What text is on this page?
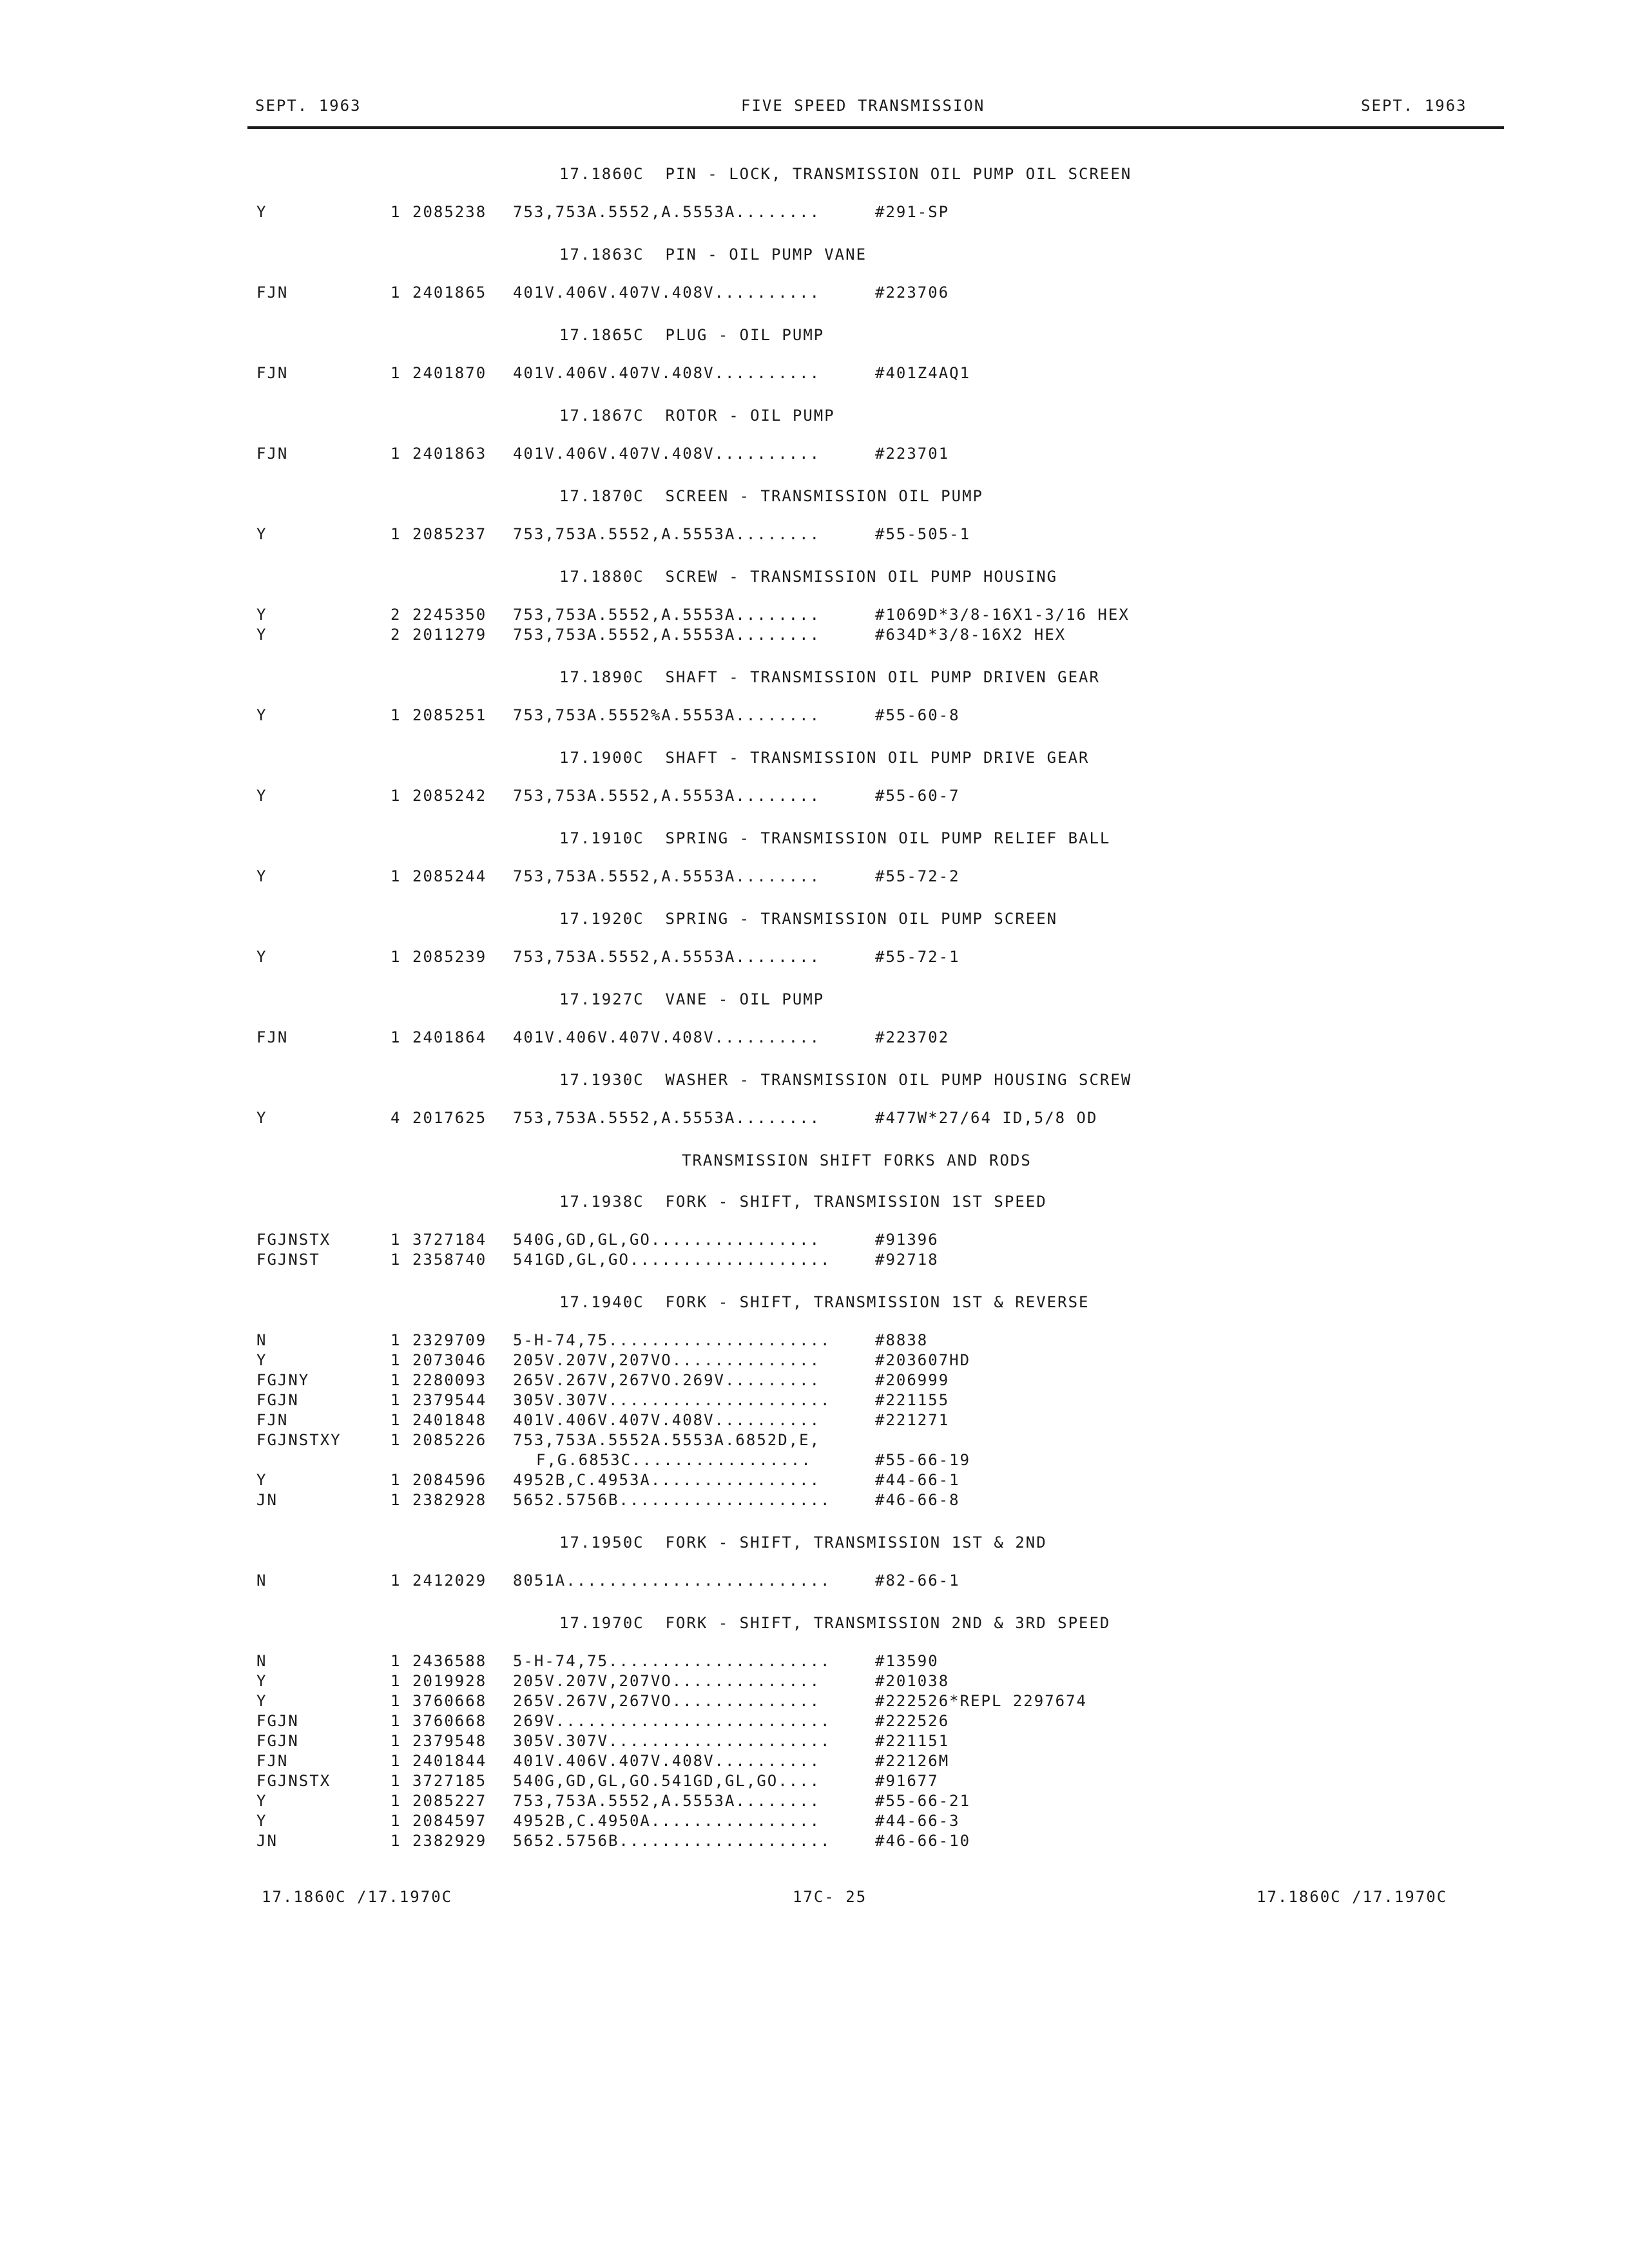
SEPT. 1963	FIVE SPEED TRANSMISSION	SEPT. 1963
17.1860C  PIN - LOCK, TRANSMISSION OIL PUMP OIL SCREEN
Y	1 2085238 753,753A.5552,A.5553A........	#291-SP
17.1863C  PIN - OIL PUMP VANE
FJN	1 2401865 401V.406V.407V.408V..........	#223706
17.1865C  PLUG - OIL PUMP
FJN	1 2401870 401V.406V.407V.408V..........	#401Z4AQ1
17.1867C  ROTOR - OIL PUMP
FJN	1 2401863 401V.406V.407V.408V..........	#223701
17.1870C  SCREEN - TRANSMISSION OIL PUMP
Y	1 2085237 753,753A.5552,A.5553A........	#55-505-1
17.1880C  SCREW - TRANSMISSION OIL PUMP HOUSING
Y	2 2245350 753,753A.5552,A.5553A........	#1069D*3/8-16X1-3/16 HEX
Y	2 2011279 753,753A.5552,A.5553A........	#634D*3/8-16X2 HEX
17.1890C  SHAFT - TRANSMISSION OIL PUMP DRIVEN GEAR
Y	1 2085251 753,753A.5552%A.5553A........	#55-60-8
17.1900C  SHAFT - TRANSMISSION OIL PUMP DRIVE GEAR
Y	1 2085242 753,753A.5552,A.5553A........	#55-60-7
17.1910C  SPRING - TRANSMISSION OIL PUMP RELIEF BALL
Y	1 2085244 753,753A.5552,A.5553A........	#55-72-2
17.1920C  SPRING - TRANSMISSION OIL PUMP SCREEN
Y	1 2085239 753,753A.5552,A.5553A........	#55-72-1
17.1927C  VANE - OIL PUMP
FJN	1 2401864 401V.406V.407V.408V..........	#223702
17.1930C  WASHER - TRANSMISSION OIL PUMP HOUSING SCREW
Y	4 2017625 753,753A.5552,A.5553A........	#477W*27/64 ID,5/8 OD
TRANSMISSION SHIFT FORKS AND RODS
17.1938C  FORK - SHIFT, TRANSMISSION 1ST SPEED
FGJNSTX	1 3727184 540G,GD,GL,GO................	#91396
FGJNST	1 2358740 541GD,GL,GO...................	#92718
17.1940C  FORK - SHIFT, TRANSMISSION 1ST & REVERSE
N	1 2329709 5-H-74,75.....................	#8838
Y	1 2073046 205V.207V,207VO..............	#203607HD
FGJNY	1 2280093 265V.267V,267VO.269V.........	#206999
FGJN	1 2379544 305V.307V.....................	#221155
FJN	1 2401848 401V.406V.407V.408V..........	#221271
FGJNSTXY	1 2085226 753,753A.5552A.5553A.6852D,E,
F,G.6853C.................	#55-66-19
Y	1 2084596 4952B,C.4953A................	#44-66-1
JN	1 2382928 5652.5756B....................	#46-66-8
17.1950C  FORK - SHIFT, TRANSMISSION 1ST & 2ND
N	1 2412029 8051A.........................	#82-66-1
17.1970C  FORK - SHIFT, TRANSMISSION 2ND & 3RD SPEED
N	1 2436588 5-H-74,75.....................	#13590
Y	1 2019928 205V.207V,207VO..............	#201038
Y	1 3760668 265V.267V,267VO..............	#222526*REPL 2297674
FGJN	1 3760668 269V..........................	#222526
FGJN	1 2379548 305V.307V.....................	#221151
FJN	1 2401844 401V.406V.407V.408V..........	#22126M
FGJNSTX	1 3727185 540G,GD,GL,GO.541GD,GL,GO....	#91677
Y	1 2085227 753,753A.5552,A.5553A........	#55-66-21
Y	1 2084597 4952B,C.4950A................	#44-66-3
JN	1 2382929 5652.5756B....................	#46-66-10
17.1860C /17.1970C	17C- 25	17.1860C /17.1970C
